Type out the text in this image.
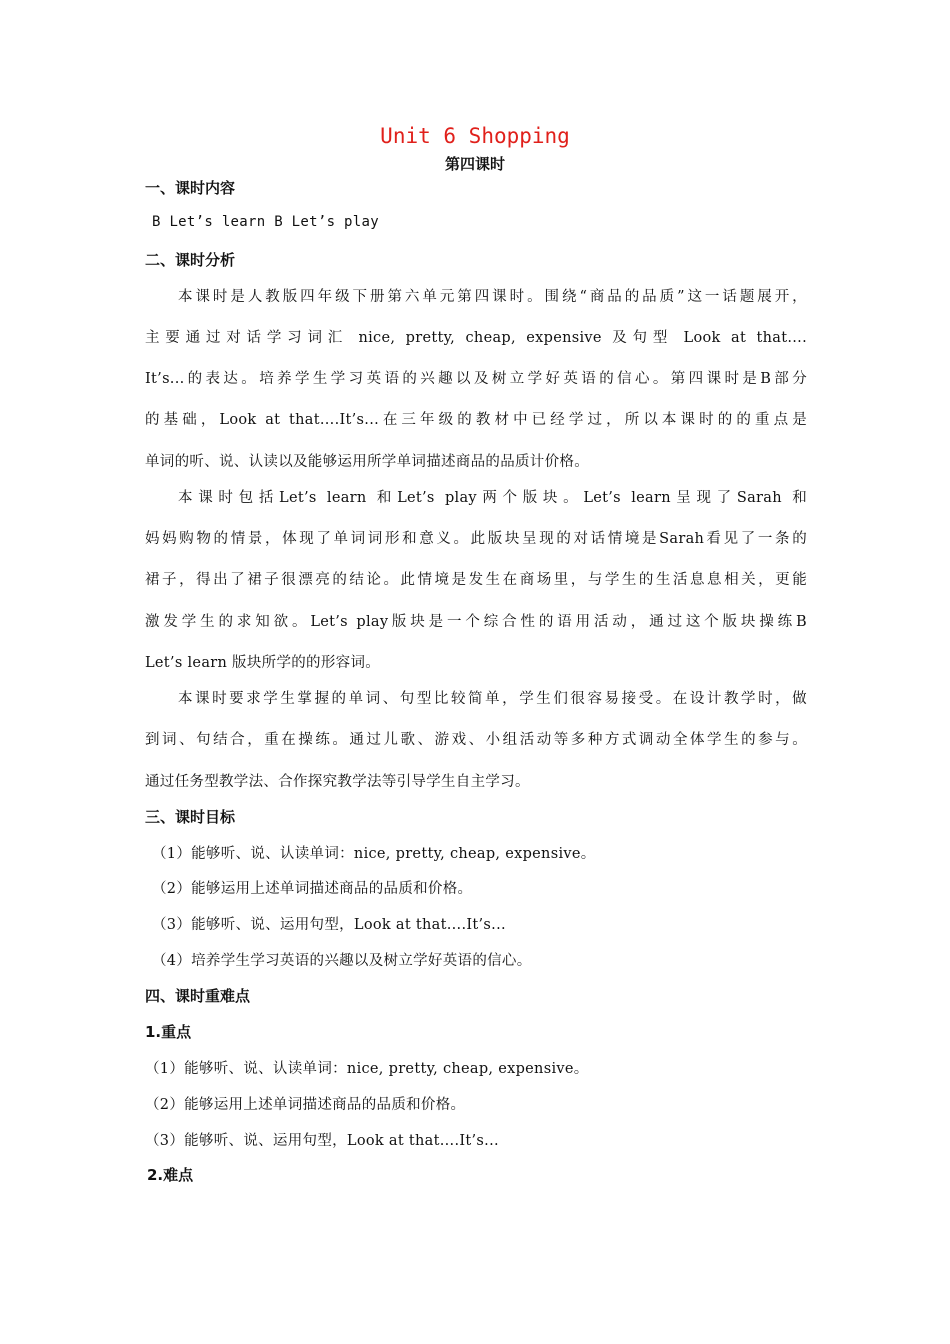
Unit 6 Shopping
第四课时
一、课时内容
B Let’s learn B Let’s play
二、课时分析
本课时是人教版四年级下册第六单元第四课时。围绕“商品的品质”这一话题展开，
主要通过对话学习词汇 nice, pretty, cheap, expensive 及句型 Look at that....
It’s...的表达。培养学生学习英语的兴趣以及树立学好英语的信心。第四课时是B部分
的基础，Look at that....It’s...在三年级的教材中已经学过，所以本课时的的重点是
单词的听、说、认读以及能够运用所学单词描述商品的品质计价格。
本课时包括Let’s learn 和Let’s play两个版块。Let’s learn呈现了Sarah 和
妈妈购物的情景，体现了单词词形和意义。此版块呈现的对话情境是Sarah看见了一条的
裙子，得出了裙子很漂亮的结论。此情境是发生在商场里，与学生的生活息息相关，更能
激发学生的求知欲。Let’s play版块是一个综合性的语用活动，通过这个版块操练B
Let’s learn 版块所学的的形容词。
本课时要求学生掌握的单词、句型比较简单，学生们很容易接受。在设计教学时，做
到词、句结合，重在操练。通过儿歌、游戏、小组活动等多种方式调动全体学生的参与。
通过任务型教学法、合作探究教学法等引导学生自主学习。
三、课时目标
（1）能够听、说、认读单词：nice, pretty, cheap, expensive。
（2）能够运用上述单词描述商品的品质和价格。
（3）能够听、说、运用句型，Look at that....It’s...
（4）培养学生学习英语的兴趣以及树立学好英语的信心。
四、课时重难点
1.重点
（1）能够听、说、认读单词：nice, pretty, cheap, expensive。
（2）能够运用上述单词描述商品的品质和价格。
（3）能够听、说、运用句型，Look at that....It’s...
2.难点
